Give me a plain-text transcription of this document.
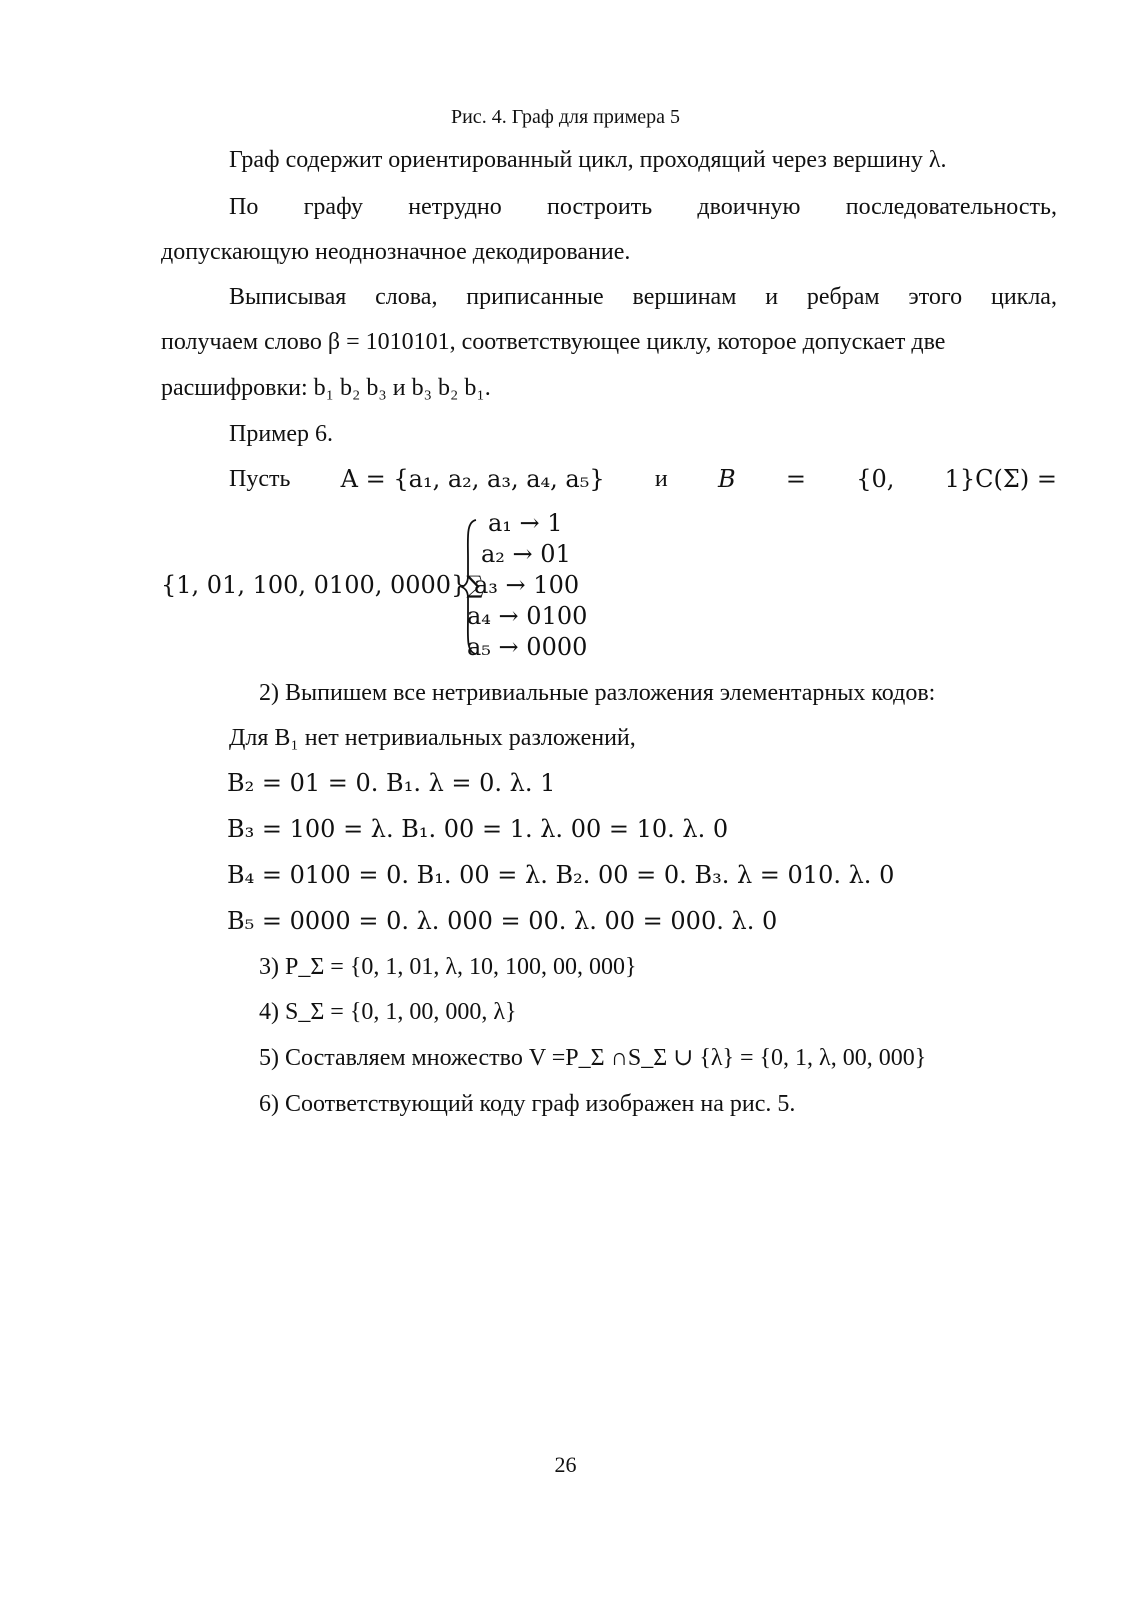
Рис. 4. Граф для примера 5
Граф содержит ориентированный цикл, проходящий через вершину λ.
По графу нетрудно построить двоичную последовательность,
допускающую неоднозначное декодирование.
Выписывая слова, приписанные вершинам и ребрам этого цикла,
получаем слово β = 1010101, соответствующее циклу, которое допускает две
расшифровки: b₁ b₂ b₃ и b₃ b₂ b₁.
Пример 6.
Пусть A = {a₁, a₂, a₃, a₄, a₅} и B = {0, 1}C(Σ) =
{1, 01, 100, 0100, 0000}∑
a₁ → 1
a₂ → 01
a₃ → 100
a₄ → 0100
a₅ → 0000
2) Выпишем все нетривиальные разложения элементарных кодов:
Для B₁ нет нетривиальных разложений,
B₂ = 01 = 0. B₁. λ = 0. λ. 1
B₃ = 100 = λ. B₁. 00 = 1. λ. 00 = 10. λ. 0
B₄ = 0100 = 0. B₁. 00 = λ. B₂. 00 = 0. B₃. λ = 010. λ. 0
B₅ = 0000 = 0. λ. 000 = 00. λ. 00 = 000. λ. 0
3) P_Σ = {0, 1, 01, λ, 10, 100, 00, 000}
4) S_Σ = {0, 1, 00, 000, λ}
5) Составляем множество V =P_Σ ∩S_Σ ∪ {λ} = {0, 1, λ, 00, 000}
6) Соответствующий коду граф изображен на рис. 5.
26
